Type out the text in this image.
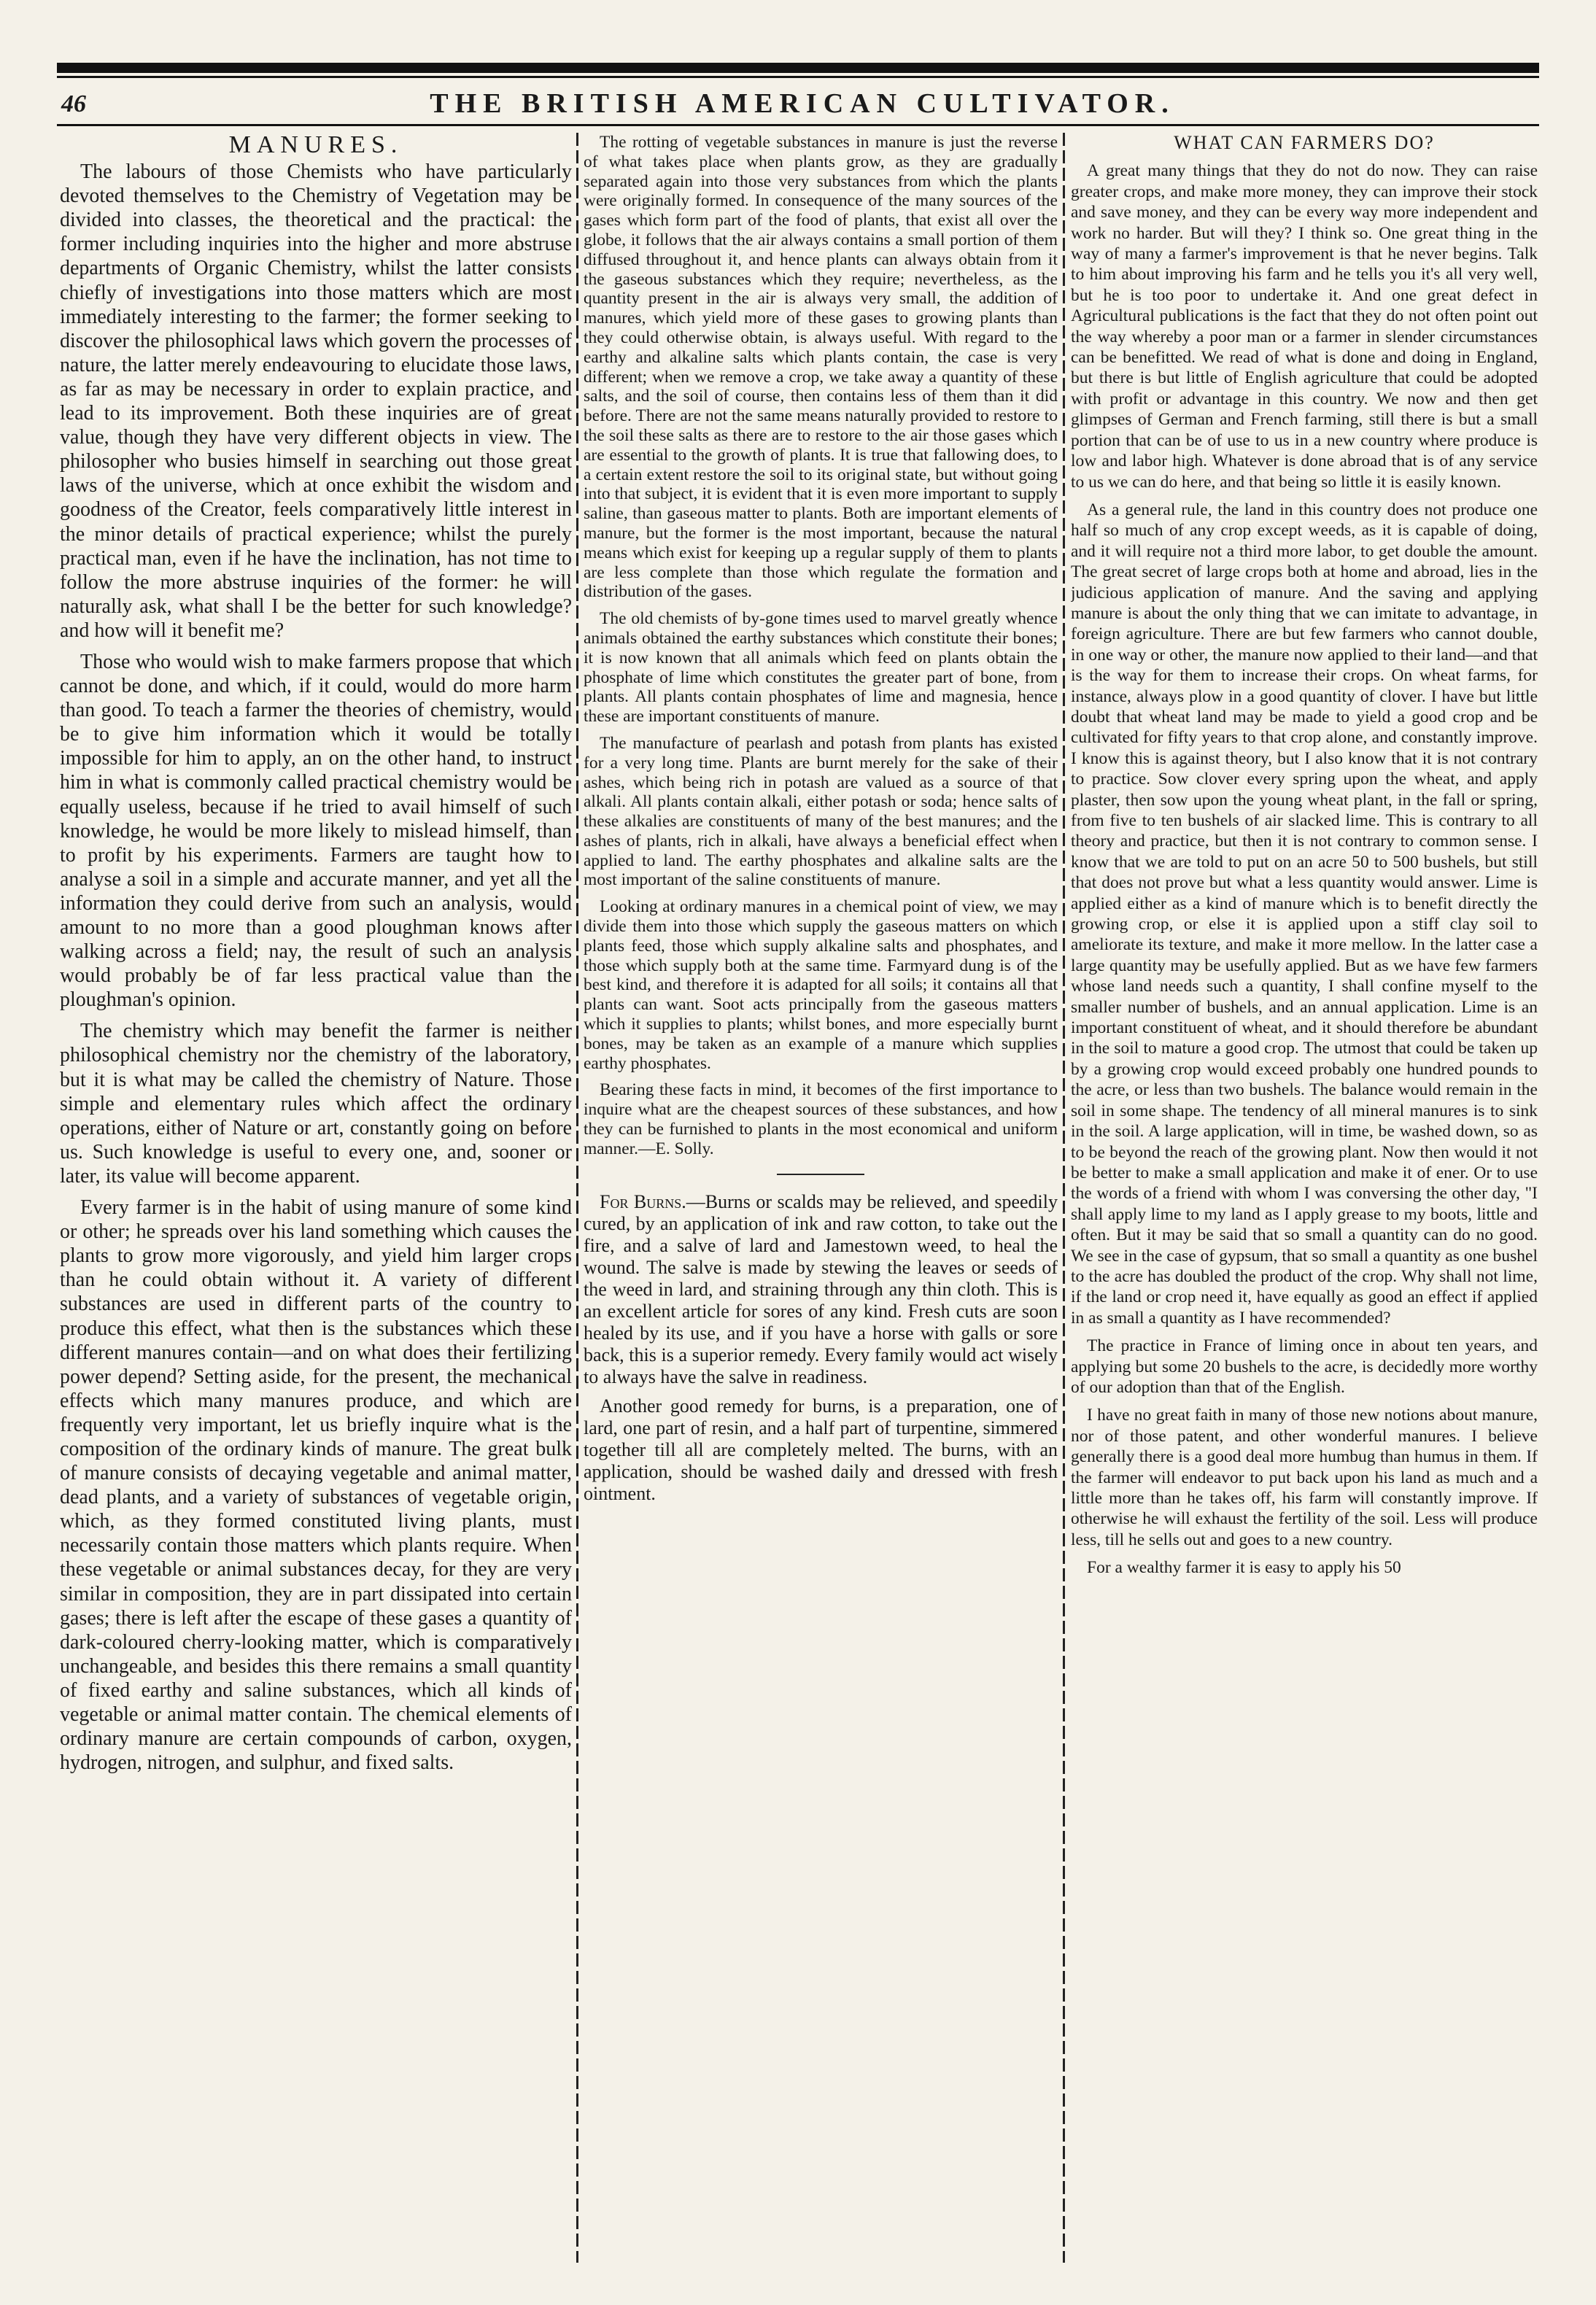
46	THE BRITISH AMERICAN CULTIVATOR.
MANURES.

The labours of those Chemists who have particularly devoted themselves to the Chemistry of Vegetation may be divided into classes, the theoretical and the practical: the former including inquiries into the higher and more abstruse departments of Organic Chemistry, whilst the latter consists chiefly of investigations into those matters which are most immediately interesting to the farmer; the former seeking to discover the philosophical laws which govern the processes of nature, the latter merely endeavouring to elucidate those laws, as far as may be necessary in order to explain practice, and lead to its improvement. Both these inquiries are of great value, though they have very different objects in view. The philosopher who busies himself in searching out those great laws of the universe, which at once exhibit the wisdom and goodness of the Creator, feels comparatively little interest in the minor details of practical experience; whilst the purely practical man, even if he have the inclination, has not time to follow the more abstruse inquiries of the former: he will naturally ask, what shall I be the better for such knowledge? and how will it benefit me?

Those who would wish to make farmers propose that which cannot be done, and which, if it could, would do more harm than good. To teach a farmer the theories of chemistry, would be to give him information which it would be totally impossible for him to apply, an on the other hand, to instruct him in what is commonly called practical chemistry would be equally useless, because if he tried to avail himself of such knowledge, he would be more likely to mislead himself, than to profit by his experiments. Farmers are taught how to analyse a soil in a simple and accurate manner, and yet all the information they could derive from such an analysis, would amount to no more than a good ploughman knows after walking across a field; nay, the result of such an analysis would probably be of far less practical value than the ploughman's opinion.

The chemistry which may benefit the farmer is neither philosophical chemistry nor the chemistry of the laboratory, but it is what may be called the chemistry of Nature. Those simple and elementary rules which affect the ordinary operations, either of Nature or art, constantly going on before us. Such knowledge is useful to every one, and, sooner or later, its value will become apparent.

Every farmer is in the habit of using manure of some kind or other; he spreads over his land something which causes the plants to grow more vigorously, and yield him larger crops than he could obtain without it. A variety of different substances are used in different parts of the country to produce this effect, what then is the substances which these different manures contain—and on what does their fertilizing power depend? Setting aside, for the present, the mechanical effects which many manures produce, and which are frequently very important, let us briefly inquire what is the composition of the ordinary kinds of manure. The great bulk of manure consists of decaying vegetable and animal matter, dead plants, and a variety of substances of vegetable origin, which, as they formed constituted living plants, must necessarily contain those matters which plants require. When these vegetable or animal substances decay, for they are very similar in composition, they are in part dissipated into certain gases; there is left after the escape of these gases a quantity of dark-coloured cherry-looking matter, which is comparatively unchangeable, and besides this there remains a small quantity of fixed earthy and saline substances, which all kinds of vegetable or animal matter contain. The chemical elements of ordinary manure are certain compounds of carbon, oxygen, hydrogen, nitrogen, and sulphur, and fixed salts.

The rotting of vegetable substances in manure is just the reverse of what takes place when plants grow, as they are gradually separated again into those very substances from which the plants were originally formed. In consequence of the many sources of the gases which form part of the food of plants, that exist all over the globe, it follows that the air always contains a small portion of them diffused throughout it, and hence plants can always obtain from it the gaseous substances which they require; nevertheless, as the quantity present in the air is always very small, the addition of manures, which yield more of these gases to growing plants than they could otherwise obtain, is always useful. With regard to the earthy and alkaline salts which plants contain, the case is very different; when we remove a crop, we take away a quantity of these salts, and the soil of course, then contains less of them than it did before. There are not the same means naturally provided to restore to the soil these salts as there are to restore to the air those gases which are essential to the growth of plants. It is true that fallowing does, to a certain extent restore the soil to its original state, but without going into that subject, it is evident that it is even more important to supply saline, than gaseous matter to plants. Both are important elements of manure, but the former is the most important, because the natural means which exist for keeping up a regular supply of them to plants are less complete than those which regulate the formation and distribution of the gases.

The old chemists of by-gone times used to marvel greatly whence animals obtained the earthy substances which constitute their bones; it is now known that all animals which feed on plants obtain the phosphate of lime which constitutes the greater part of bone, from plants. All plants contain phosphates of lime and magnesia, hence these are important constituents of manure.

The manufacture of pearlash and potash from plants has existed for a very long time. Plants are burnt merely for the sake of their ashes, which being rich in potash are valued as a source of that alkali. All plants contain alkali, either potash or soda; hence salts of these alkalies are constituents of many of the best manures; and the ashes of plants, rich in alkali, have always a beneficial effect when applied to land. The earthy phosphates and alkaline salts are the most important of the saline constituents of manure.

Looking at ordinary manures in a chemical point of view, we may divide them into those which supply the gaseous matters on which plants feed, those which supply alkaline salts and phosphates, and those which supply both at the same time. Farmyard dung is of the best kind, and therefore it is adapted for all soils; it contains all that plants can want. Soot acts principally from the gaseous matters which it supplies to plants; whilst bones, and more especially burnt bones, may be taken as an example of a manure which supplies earthy phosphates.

Bearing these facts in mind, it becomes of the first importance to inquire what are the cheapest sources of these substances, and how they can be furnished to plants in the most economical and uniform manner.—E. Solly.

For Burns.—Burns or scalds may be relieved, and speedily cured, by an application of ink and raw cotton, to take out the fire, and a salve of lard and Jamestown weed, to heal the wound. The salve is made by stewing the leaves or seeds of the weed in lard, and straining through any thin cloth. This is an excellent article for sores of any kind. Fresh cuts are soon healed by its use, and if you have a horse with galls or sore back, this is a superior remedy. Every family would act wisely to always have the salve in readiness.

Another good remedy for burns, is a preparation, one of lard, one part of resin, and a half part of turpentine, simmered together till all are completely melted. The burns, with an application, should be washed daily and dressed with fresh ointment.

WHAT CAN FARMERS DO?

A great many things that they do not do now. They can raise greater crops, and make more money, they can improve their stock and save money, and they can be every way more independent and work no harder. But will they? I think so. One great thing in the way of many a farmer's improvement is that he never begins. Talk to him about improving his farm and he tells you it's all very well, but he is too poor to undertake it. And one great defect in Agricultural publications is the fact that they do not often point out the way whereby a poor man or a farmer in slender circumstances can be benefitted. We read of what is done and doing in England, but there is but little of English agriculture that could be adopted with profit or advantage in this country. We now and then get glimpses of German and French farming, still there is but a small portion that can be of use to us in a new country where produce is low and labor high. Whatever is done abroad that is of any service to us we can do here, and that being so little it is easily known.

As a general rule, the land in this country does not produce one half so much of any crop except weeds, as it is capable of doing, and it will require not a third more labor, to get double the amount. The great secret of large crops both at home and abroad, lies in the judicious application of manure. And the saving and applying manure is about the only thing that we can imitate to advantage, in foreign agriculture. There are but few farmers who cannot double, in one way or other, the manure now applied to their land—and that is the way for them to increase their crops. On wheat farms, for instance, always plow in a good quantity of clover. I have but little doubt that wheat land may be made to yield a good crop and be cultivated for fifty years to that crop alone, and constantly improve. I know this is against theory, but I also know that it is not contrary to practice. Sow clover every spring upon the wheat, and apply plaster, then sow upon the young wheat plant, in the fall or spring, from five to ten bushels of air slacked lime. This is contrary to all theory and practice, but then it is not contrary to common sense. I know that we are told to put on an acre 50 to 500 bushels, but still that does not prove but what a less quantity would answer. Lime is applied either as a kind of manure which is to benefit directly the growing crop, or else it is applied upon a stiff clay soil to ameliorate its texture, and make it more mellow. In the latter case a large quantity may be usefully applied. But as we have few farmers whose land needs such a quantity, I shall confine myself to the smaller number of bushels, and an annual application. Lime is an important constituent of wheat, and it should therefore be abundant in the soil to mature a good crop. The utmost that could be taken up by a growing crop would exceed probably one hundred pounds to the acre, or less than two bushels. The balance would remain in the soil in some shape. The tendency of all mineral manures is to sink in the soil. A large application, will in time, be washed down, so as to be beyond the reach of the growing plant. Now then would it not be better to make a small application and make it of ener. Or to use the words of a friend with whom I was conversing the other day, "I shall apply lime to my land as I apply grease to my boots, little and often. But it may be said that so small a quantity can do no good. We see in the case of gypsum, that so small a quantity as one bushel to the acre has doubled the product of the crop. Why shall not lime, if the land or crop need it, have equally as good an effect if applied in as small a quantity as I have recommended?

The practice in France of liming once in about ten years, and applying but some 20 bushels to the acre, is decidedly more worthy of our adoption than that of the English.

I have no great faith in many of those new notions about manure, nor of those patent, and other wonderful manures. I believe generally there is a good deal more humbug than humus in them. If the farmer will endeavor to put back upon his land as much and a little more than he takes off, his farm will constantly improve. If otherwise he will exhaust the fertility of the soil. Less will produce less, till he sells out and goes to a new country.

For a wealthy farmer it is easy to apply his 50
